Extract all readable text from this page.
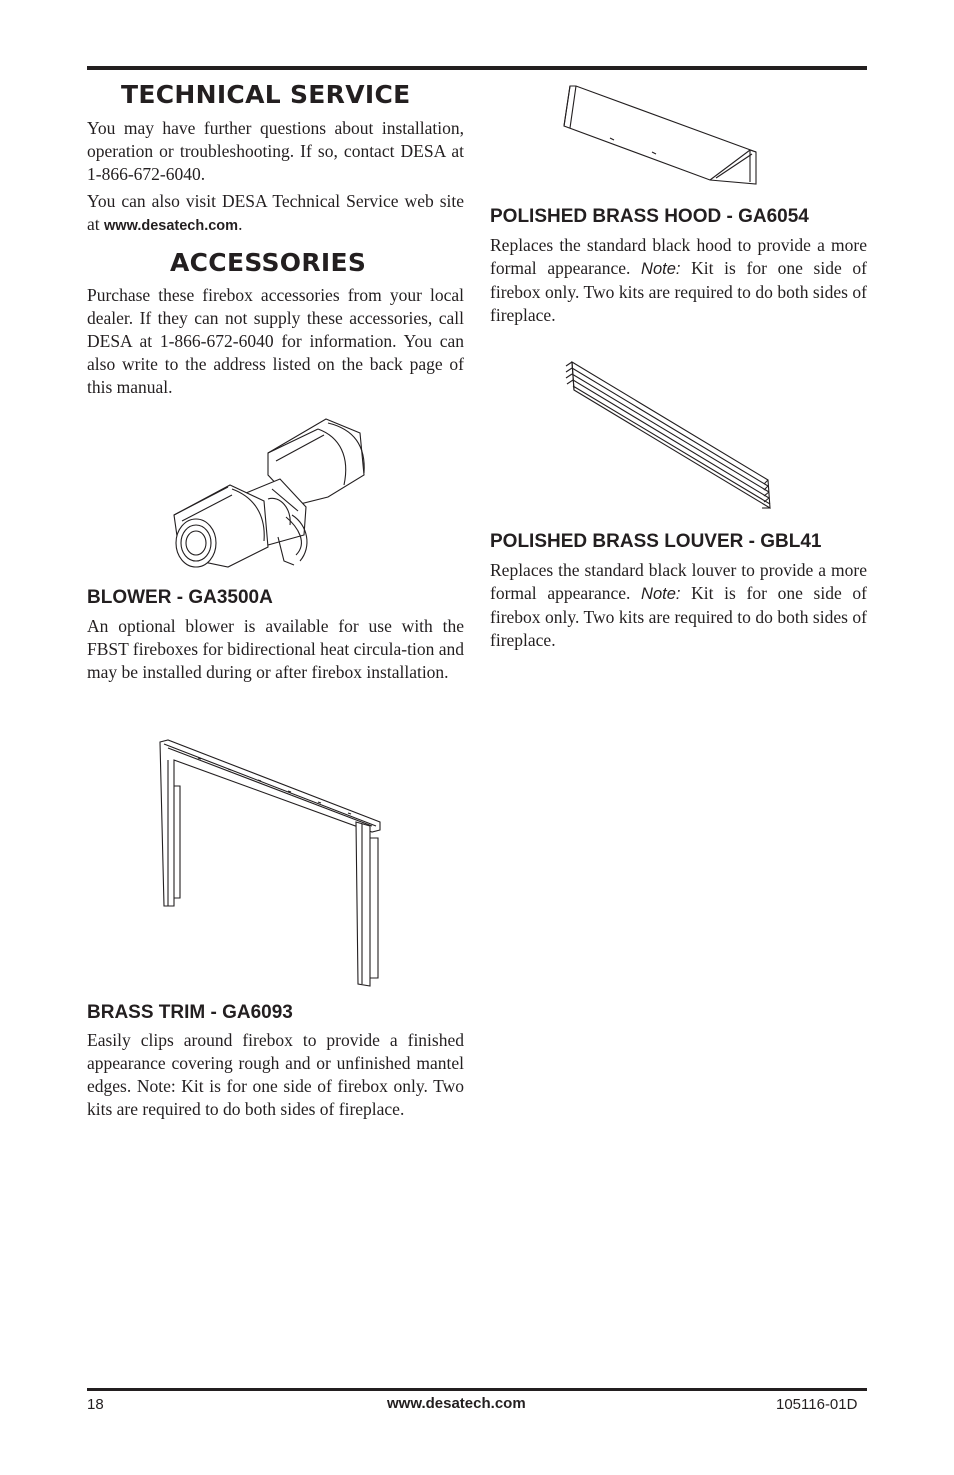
TECHNICAL SERVICE

You may have further questions about installation, operation or troubleshooting. If so, contact DESA at 1-866-672-6040.

You can also visit DESA Technical Service web site at www.desatech.com.

ACCESSORIES

Purchase these firebox accessories from your local dealer. If they can not supply these accessories, call DESA at 1-866-672-6040 for information. You can also write to the address listed on the back page of this manual.

BLOWER - GA3500A

An optional blower is available for use with the FBST fireboxes for bidirectional heat circula-tion and may be installed during or after firebox installation.

BRASS TRIM - GA6093

Easily clips around firebox to provide a finished appearance covering rough and or unfinished mantel edges. Note: Kit is for one side of firebox only. Two kits are required to do both sides of fireplace.

POLISHED BRASS HOOD - GA6054

Replaces the standard black hood to provide a more formal appearance. Note: Kit is for one side of firebox only. Two kits are required to do both sides of fireplace.

POLISHED BRASS LOUVER - GBL41

Replaces the standard black louver to provide a more formal appearance. Note: Kit is for one side of firebox only. Two kits are required to do both sides of fireplace.

18	www.desatech.com	105116-01D
